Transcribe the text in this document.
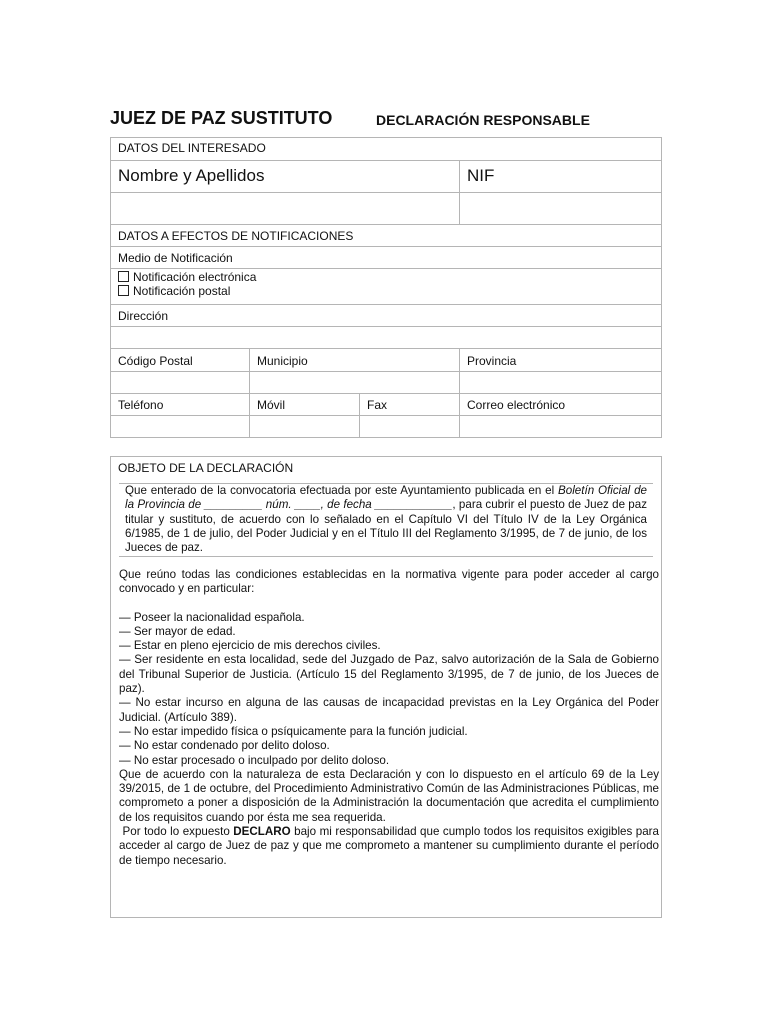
JUEZ DE PAZ SUSTITUTO	DECLARACIÓN RESPONSABLE
DATOS DEL INTERESADO
Nombre y Apellidos	NIF
DATOS A EFECTOS DE NOTIFICACIONES
Medio de Notificación
Notificación electrónica
Notificación postal
Dirección
Código Postal	Municipio	Provincia
Teléfono	Móvil	Fax	Correo electrónico
OBJETO DE LA DECLARACIÓN
Que enterado de la convocatoria efectuada por este Ayuntamiento publicada en el Boletín Oficial de la Provincia de _________ núm. ____, de fecha ____________, para cubrir el puesto de Juez de paz titular y sustituto, de acuerdo con lo señalado en el Capítulo VI del Título IV de la Ley Orgánica 6/1985, de 1 de julio, del Poder Judicial y en el Título III del Reglamento 3/1995, de 7 de junio, de los Jueces de paz.
Que reúno todas las condiciones establecidas en la normativa vigente para poder acceder al cargo convocado y en particular:
— Poseer la nacionalidad española.
— Ser mayor de edad.
— Estar en pleno ejercicio de mis derechos civiles.
— Ser residente en esta localidad, sede del Juzgado de Paz, salvo autorización de la Sala de Gobierno del Tribunal Superior de Justicia. (Artículo 15 del Reglamento 3/1995, de 7 de junio, de los Jueces de paz).
— No estar incurso en alguna de las causas de incapacidad previstas en la Ley Orgánica del Poder Judicial. (Artículo 389).
— No estar impedido física o psíquicamente para la función judicial.
— No estar condenado por delito doloso.
— No estar procesado o inculpado por delito doloso.
Que de acuerdo con la naturaleza de esta Declaración y con lo dispuesto en el artículo 69 de la Ley 39/2015, de 1 de octubre, del Procedimiento Administrativo Común de las Administraciones Públicas, me comprometo a poner a disposición de la Administración la documentación que acredita el cumplimiento de los requisitos cuando por ésta me sea requerida.
Por todo lo expuesto DECLARO bajo mi responsabilidad que cumplo todos los requisitos exigibles para acceder al cargo de Juez de paz y que me comprometo a mantener su cumplimiento durante el período de tiempo necesario.
